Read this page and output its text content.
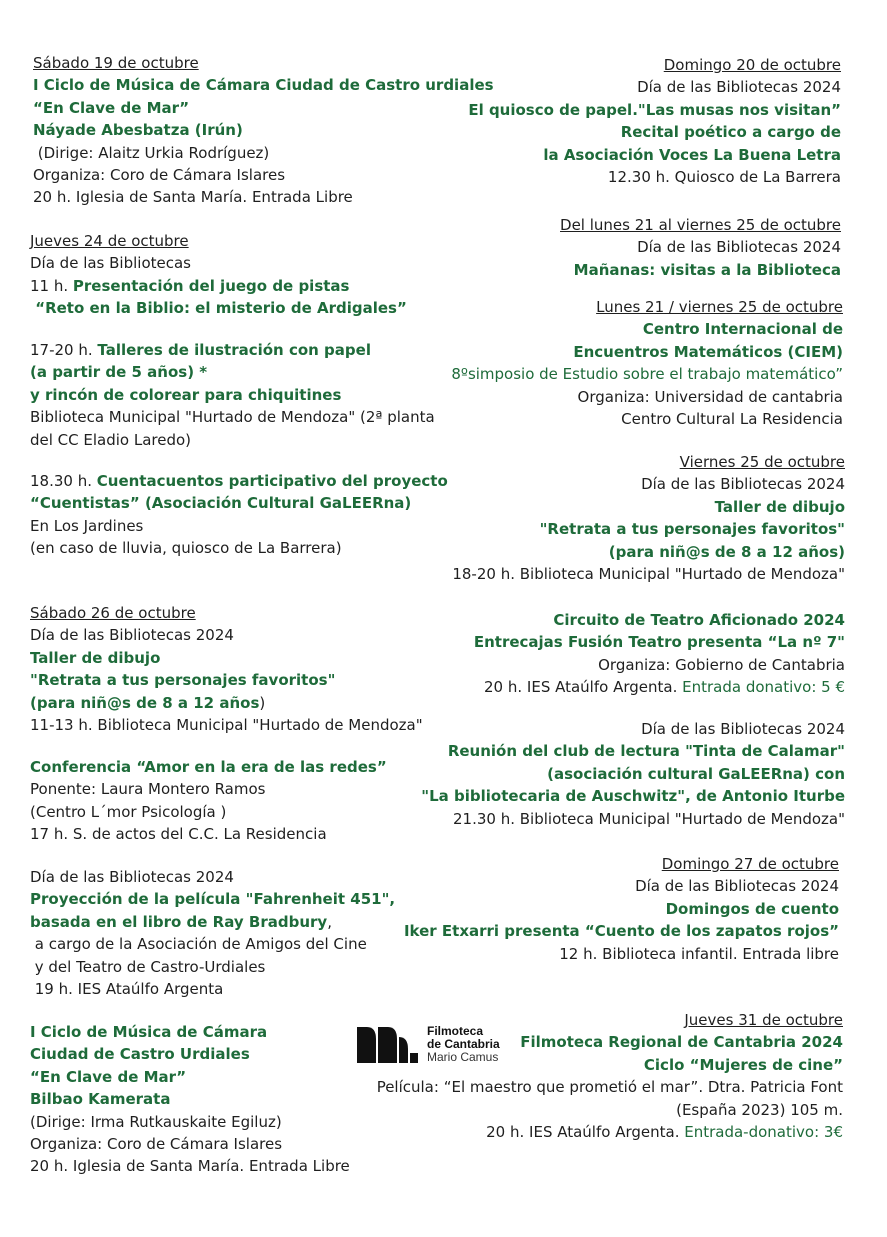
Sábado 19 de octubre
I Ciclo de Música de Cámara Ciudad de Castro urdiales
“En Clave de Mar”
Náyade Abesbatza (Irún)
(Dirige: Alaitz Urkia Rodríguez)
Organiza: Coro de Cámara Islares
20 h. Iglesia de Santa María. Entrada Libre
Jueves 24 de octubre
Día de las Bibliotecas
11 h. Presentación del juego de pistas
“Reto en la Biblio: el misterio de Ardigales”
17-20 h. Talleres de ilustración con papel
(a partir de 5 años) *
y rincón de colorear para chiquitines
Biblioteca Municipal "Hurtado de Mendoza" (2ª planta
del CC Eladio Laredo)
18.30 h. Cuentacuentos participativo del proyecto
“Cuentistas” (Asociación Cultural GaLEERna)
En Los Jardines
(en caso de lluvia, quiosco de La Barrera)
Sábado 26 de octubre
Día de las Bibliotecas 2024
Taller de dibujo
"Retrata a tus personajes favoritos"
(para niñ@s de 8 a 12 años)
11-13 h. Biblioteca Municipal "Hurtado de Mendoza"
Conferencia “Amor en la era de las redes”
Ponente: Laura Montero Ramos
(Centro L´mor Psicología )
17 h. S. de actos del C.C. La Residencia
Día de las Bibliotecas 2024
Proyección de la película "Fahrenheit 451",
basada en el libro de Ray Bradbury,
a cargo de la Asociación de Amigos del Cine
y del Teatro de Castro-Urdiales
19 h. IES Ataúlfo Argenta
I Ciclo de Música de Cámara
Ciudad de Castro Urdiales
“En Clave de Mar”
Bilbao Kamerata
(Dirige: Irma Rutkauskaite Egiluz)
Organiza: Coro de Cámara Islares
20 h. Iglesia de Santa María. Entrada Libre
Domingo 20 de octubre
Día de las Bibliotecas 2024
El quiosco de papel."Las musas nos visitan”
Recital poético a cargo de
la Asociación Voces La Buena Letra
12.30 h. Quiosco de La Barrera
Del lunes 21 al viernes 25 de octubre
Día de las Bibliotecas 2024
Mañanas: visitas a la Biblioteca
Lunes 21 / viernes 25 de octubre
Centro Internacional de
Encuentros Matemáticos (CIEM)
8ºsimposio de Estudio sobre el trabajo matemático”
Organiza: Universidad de cantabria
Centro Cultural La Residencia
Viernes 25 de octubre
Día de las Bibliotecas 2024
Taller de dibujo
"Retrata a tus personajes favoritos"
(para niñ@s de 8 a 12 años)
18-20 h. Biblioteca Municipal "Hurtado de Mendoza"
Circuito de Teatro Aficionado 2024
Entrecajas Fusión Teatro presenta “La nº 7"
Organiza: Gobierno de Cantabria
20 h. IES Ataúlfo Argenta. Entrada donativo: 5 €
Día de las Bibliotecas 2024
Reunión del club de lectura "Tinta de Calamar"
(asociación cultural GaLEERna) con
"La bibliotecaria de Auschwitz", de Antonio Iturbe
21.30 h. Biblioteca Municipal "Hurtado de Mendoza"
Domingo 27 de octubre
Día de las Bibliotecas 2024
Domingos de cuento
Iker Etxarri presenta “Cuento de los zapatos rojos”
12 h. Biblioteca infantil. Entrada libre
Jueves 31 de octubre
Filmoteca Regional de Cantabria 2024
Ciclo “Mujeres de cine”
Película: “El maestro que prometió el mar”. Dtra. Patricia Font
(España 2023) 105 m.
20 h. IES Ataúlfo Argenta. Entrada-donativo: 3€
Filmoteca
de Cantabria
Mario Camus
